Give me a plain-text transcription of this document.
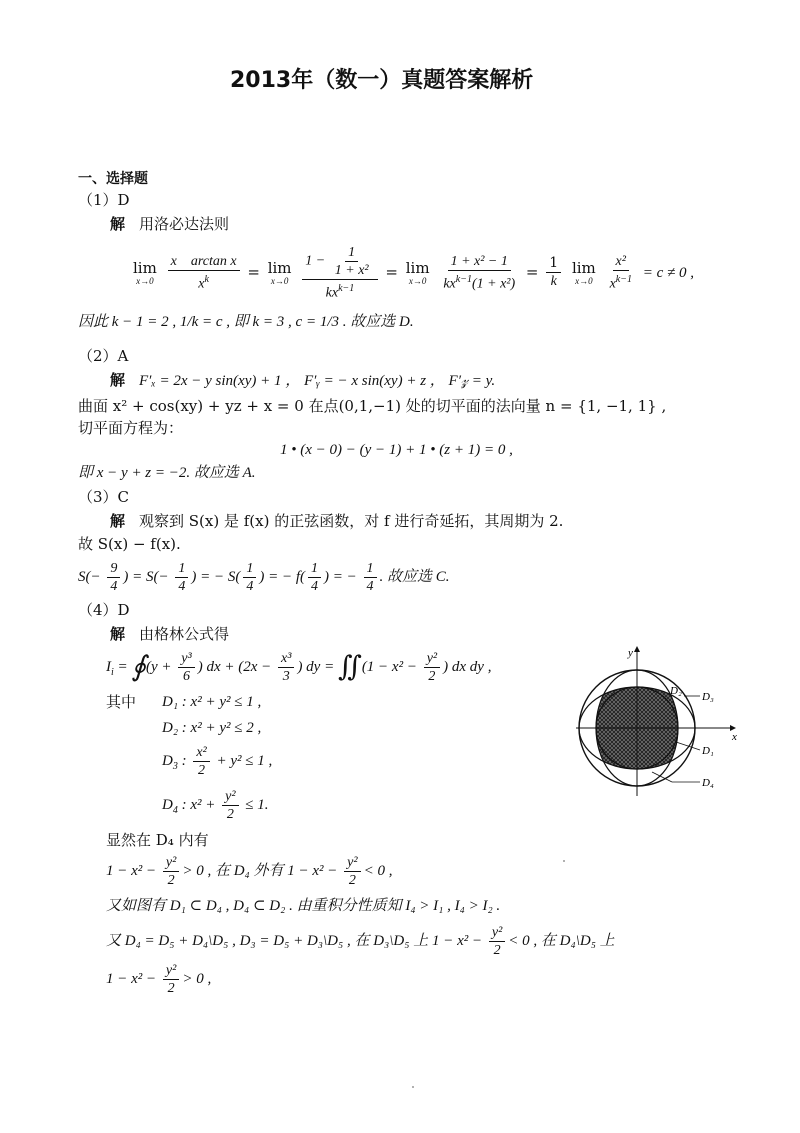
2013年（数一）真题答案解析
一、选择题
（1）D
解 用洛必达法则
lim
x→0
$\frac{\text{x    arctan x}}{x^k} = \lim$
x→0
$\frac{1 - \frac{1}{\text{1 + x²}}}{kx^{k-1}} = \lim$
x→0
$\frac{\text{1 + x² − 1}}{kx^{k-1}(1 + x^2)} = \frac{1}{k}$
lim
x→0
$\frac{\text{x²}}{x^{k-1}} = c \ne 0$ ,
因此 k − 1 = 2 , 1/k = c , 即 k = 3 , c = 1/3 . 故应选 D.
（2）A
解 F′ₓ = 2x − y sin(xy) + 1 ， F′ᵧ = − x sin(xy) + z ， F′𝓏 = y.
曲面 x² + cos(xy) + yz + x = 0 在点(0,1,−1) 处的切平面的法向量 n = {1, −1, 1} ,
切平面方程为：
1 • (x − 0) − (y − 1) + 1 • (z + 1) = 0 ,
即 x − y + z = −2. 故应选 A.
（3）C
解 观察到 S(x) 是 f(x) 的正弦函数，对 f 进行奇延拓，其周期为 2.
故 S(x) − f(x).
$S(- \frac{9}{4}$ ) = $S(- \frac{1}{4}$ ) = − $S( \frac{1}{4}$ ) = − $f( \frac{1}{4}$ ) = − $\frac{1}{4}$ . 故应选 C.
（4）D
解 由格林公式得
$I_i$ = ∮(y + $\frac{\text{y³}}{6}$ ) dx + ($2x - \frac{\text{x³}}{3}$ ) dy = ∬(1 − $x^2 - \frac{\text{y²}}{2}$ ) dx dy ,
其中 D₁ : x² + y² ≤ 1 ,
D₂ : x² + y² ≤ 2 ,
$D_3$ : $\frac{\text{x²}}{2} + y^2 \le 1$ ,
$D_4$ : $x^2 + \frac{\text{y²}}{2} \le 1$.
显然在 D₄ 内有
$1 - x^2 - \frac{\text{y²}}{2} > 0$ , 在 D₄ 外有 $1 - x^2 - \frac{\text{y²}}{2} < 0$ ,
又如图有 D₁ ⊂ D₄ , D₄ ⊂ D₂ . 由重积分性质知 I₄ > I₁ , I₄ > I₂ .
又 D₄ = D₅ + D₄\D₅ , D₃ = D₅ + D₃\D₅ , 在 D₃\D₅ 上 $1 - x^2 - \frac{\text{y²}}{2} < 0$ , 在 D₄\D₅ 上
$1 - x^2 - \frac{\text{y²}}{2} > 0$ ,
x
y
D₁
D₂ D₃
D₄
